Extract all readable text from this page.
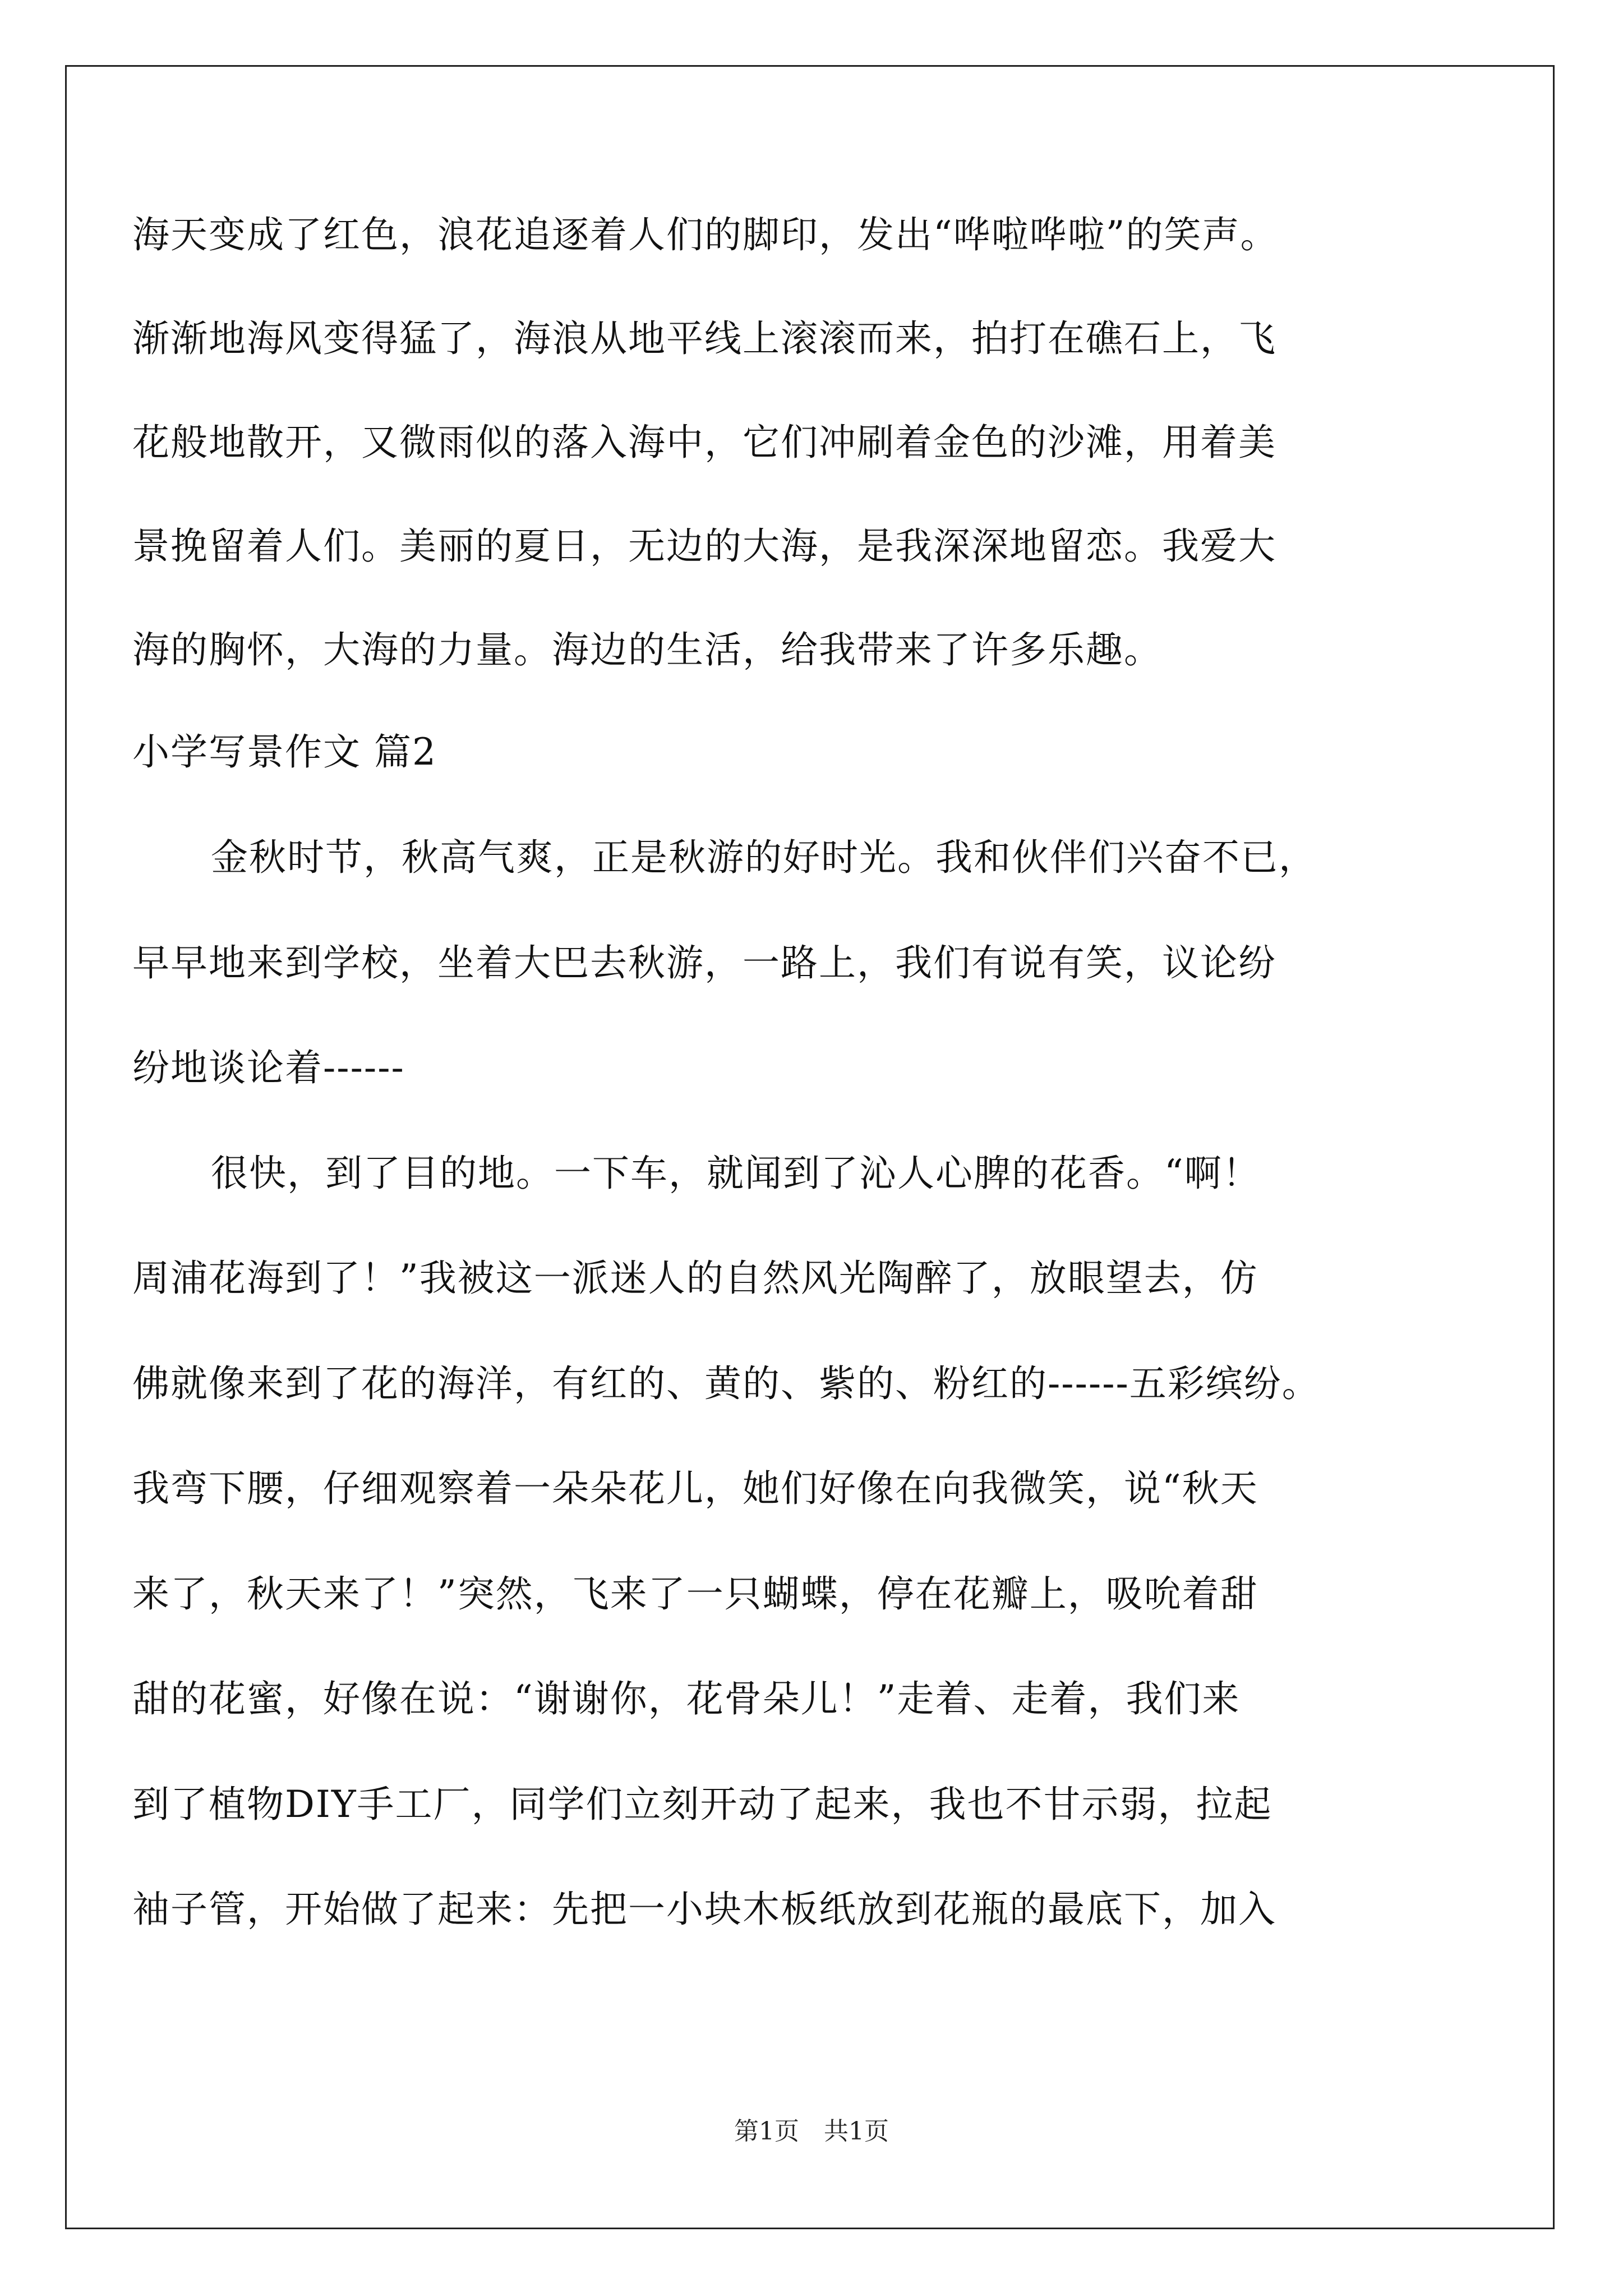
海天变成了红色，浪花追逐着人们的脚印，发出“哗啦哗啦”的笑声。
渐渐地海风变得猛了，海浪从地平线上滚滚而来，拍打在礁石上，飞
花般地散开，又微雨似的落入海中，它们冲刷着金色的沙滩，用着美
景挽留着人们。美丽的夏日，无边的大海，是我深深地留恋。我爱大
海的胸怀，大海的力量。海边的生活，给我带来了许多乐趣。
小学写景作文 篇2
金秋时节，秋高气爽，正是秋游的好时光。我和伙伴们兴奋不已，
早早地来到学校，坐着大巴去秋游，一路上，我们有说有笑，议论纷
纷地谈论着------
很快，到了目的地。一下车，就闻到了沁人心脾的花香。“啊！
周浦花海到了！”我被这一派迷人的自然风光陶醉了，放眼望去，仿
佛就像来到了花的海洋，有红的、黄的、紫的、粉红的------五彩缤纷。
我弯下腰，仔细观察着一朵朵花儿，她们好像在向我微笑，说“秋天
来了，秋天来了！”突然，飞来了一只蝴蝶，停在花瓣上，吸吮着甜
甜的花蜜，好像在说：“谢谢你，花骨朵儿！”走着、走着，我们来
到了植物DIY手工厂，同学们立刻开动了起来，我也不甘示弱，拉起
袖子管，开始做了起来：先把一小块木板纸放到花瓶的最底下，加入
第1页　共1页
